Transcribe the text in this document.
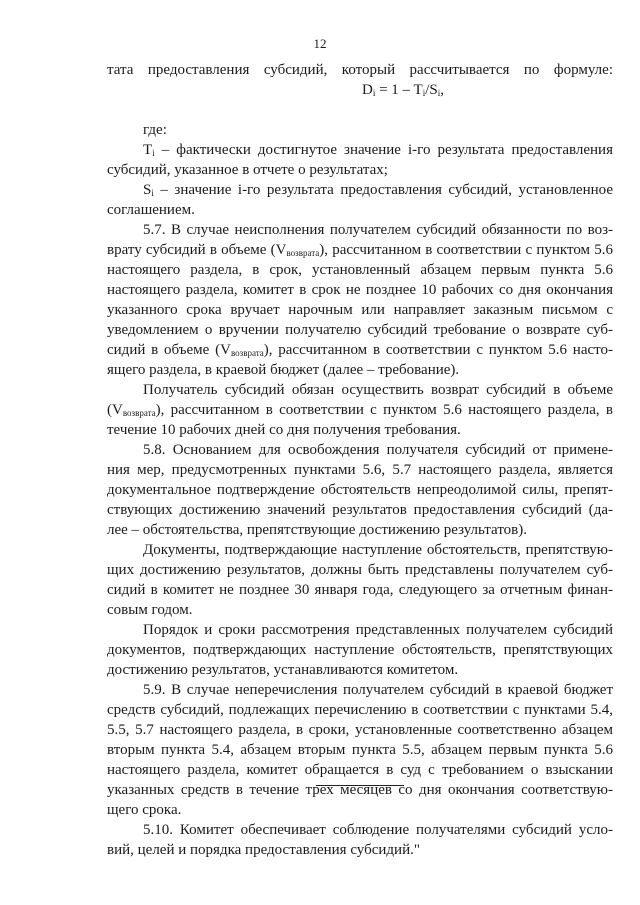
12
тата предоставления субсидий, который рассчитывается по формуле:
$D_i = 1 - T_i/S_i$,
где:
$T_i$ – фактически достигнутое значение i-го результата предоставления
субсидий, указанное в отчете о результатах;
$S_i$ – значение i-го результата предоставления субсидий, установленное
соглашением.
5.7. В случае неисполнения получателем субсидий обязанности по воз-
врату субсидий в объеме $(V_{возврата})$, рассчитанном в соответствии с пунктом 5.6
настоящего раздела, в срок, установленный абзацем первым пункта 5.6
настоящего раздела, комитет в срок не позднее 10 рабочих со дня окончания
указанного срока вручает нарочным или направляет заказным письмом с
уведомлением о вручении получателю субсидий требование о возврате суб-
сидий в объеме $(V_{возврата})$, рассчитанном в соответствии с пунктом 5.6 насто-
ящего раздела, в краевой бюджет (далее – требование).
Получатель субсидий обязан осуществить возврат субсидий в объеме
$(V_{возврата})$, рассчитанном в соответствии с пунктом 5.6 настоящего раздела, в
течение 10 рабочих дней со дня получения требования.
5.8. Основанием для освобождения получателя субсидий от примене-
ния мер, предусмотренных пунктами 5.6, 5.7 настоящего раздела, является
документальное подтверждение обстоятельств непреодолимой силы, препят-
ствующих достижению значений результатов предоставления субсидий (да-
лее – обстоятельства, препятствующие достижению результатов).
Документы, подтверждающие наступление обстоятельств, препятствую-
щих достижению результатов, должны быть представлены получателем суб-
сидий в комитет не позднее 30 января года, следующего за отчетным финан-
совым годом.
Порядок и сроки рассмотрения представленных получателем субсидий
документов, подтверждающих наступление обстоятельств, препятствующих
достижению результатов, устанавливаются комитетом.
5.9. В случае неперечисления получателем субсидий в краевой бюджет
средств субсидий, подлежащих перечислению в соответствии с пунктами 5.4,
5.5, 5.7 настоящего раздела, в сроки, установленные соответственно абзацем
вторым пункта 5.4, абзацем вторым пункта 5.5, абзацем первым пункта 5.6
настоящего раздела, комитет обращается в суд с требованием о взыскании
указанных средств в течение трех месяцев со дня окончания соответствую-
щего срока.
5.10. Комитет обеспечивает соблюдение получателями субсидий усло-
вий, целей и порядка предоставления субсидий."
